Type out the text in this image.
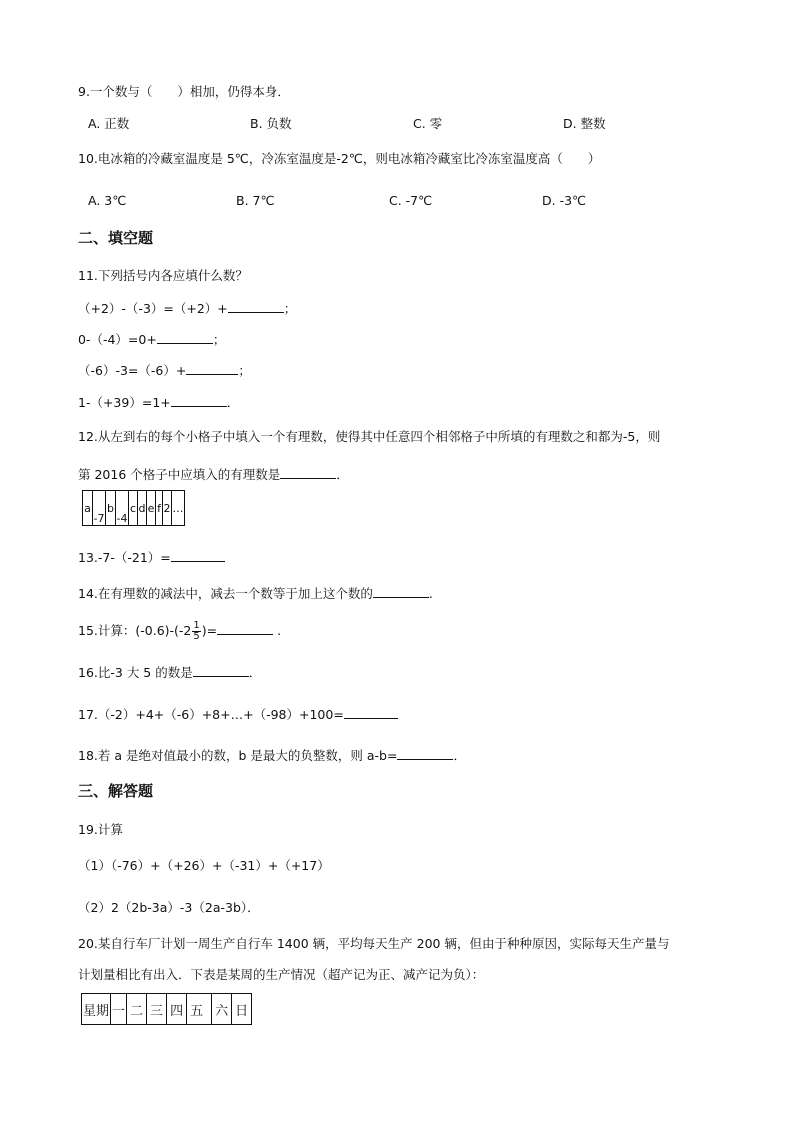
9.一个数与（　　）相加，仍得本身．
A. 正数	B. 负数	C. 零	D. 整数
10.电冰箱的冷藏室温度是 5℃，冷冻室温度是-2℃，则电冰箱冷藏室比冷冻室温度高（　　）
A. 3℃	B. 7℃	C. -7℃	D. -3℃
二、填空题
11.下列括号内各应填什么数？
（+2）-（-3）=（+2）+	；
0-（-4）=0+	；
（-6）-3=（-6）+	；
1-（+39）=1+	．
12.从左到右的每个小格子中填入一个有理数，使得其中任意四个相邻格子中所填的有理数之和都为-5，则
第 2016 个格子中应填入的有理数是	．
a	-7	b	-4	c	d	e	f	2	…
13.-7-（-21）=
14.在有理数的减法中，减去一个数等于加上这个数的	.
15.计算：$(-0.6)-(-2 \frac{1}{5}$ )=	.
16.比-3 大 5 的数是	．
17.（-2）+4+（-6）+8+…+（-98）+100=
18.若 a 是绝对值最小的数，b 是最大的负整数，则 a-b=	．
三、解答题
19.计算
（1）（-76）+（+26）+（-31）+（+17）
（2）2（2b-3a）-3（2a-3b）．
20.某自行车厂计划一周生产自行车 1400 辆，平均每天生产 200 辆，但由于种种原因，实际每天生产量与
计划量相比有出入．下表是某周的生产情况（超产记为正、减产记为负）：
星期	一	二	三	四	五	六	日
